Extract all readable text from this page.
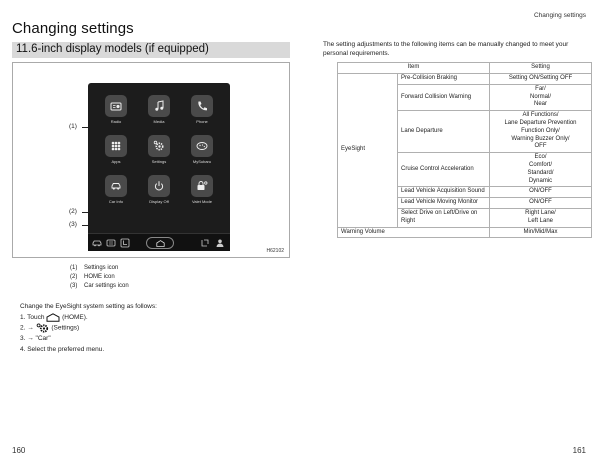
Changing settings
Changing settings
11.6-inch display models (if equipped)
(1)
(2)
(3)
Radio	Media	Phone
Apps	Settings	MySubaru
Car Info	Display Off	Valet Mode
H62102
(1) Settings icon
(2) HOME icon
(3) Car settings icon
Change the EyeSight system setting as follows:
1. Touch	(HOME).
2. →	(Settings)
3. → "Car"
4. Select the preferred menu.
160

The setting adjustments to the following items can be manually changed to meet your personal requirements.

Item		Setting
EyeSight	Pre-Collision Braking	Setting ON/Setting OFF

	Forward Collision Warning	Far/
Normal/
Near

	Lane Departure	All Functions/
Lane Departure Prevention
Function Only/
Warning Buzzer Only/
OFF

	Cruise Control Acceleration	Eco/
Comfort/
Standard/
Dynamic

	Lead Vehicle Acquisition Sound	ON/OFF

	Lead Vehicle Moving Monitor	ON/OFF

	Select Drive on Left/Drive on Right	Right Lane/
Left Lane

Warning Volume		Min/Mid/Max
161
